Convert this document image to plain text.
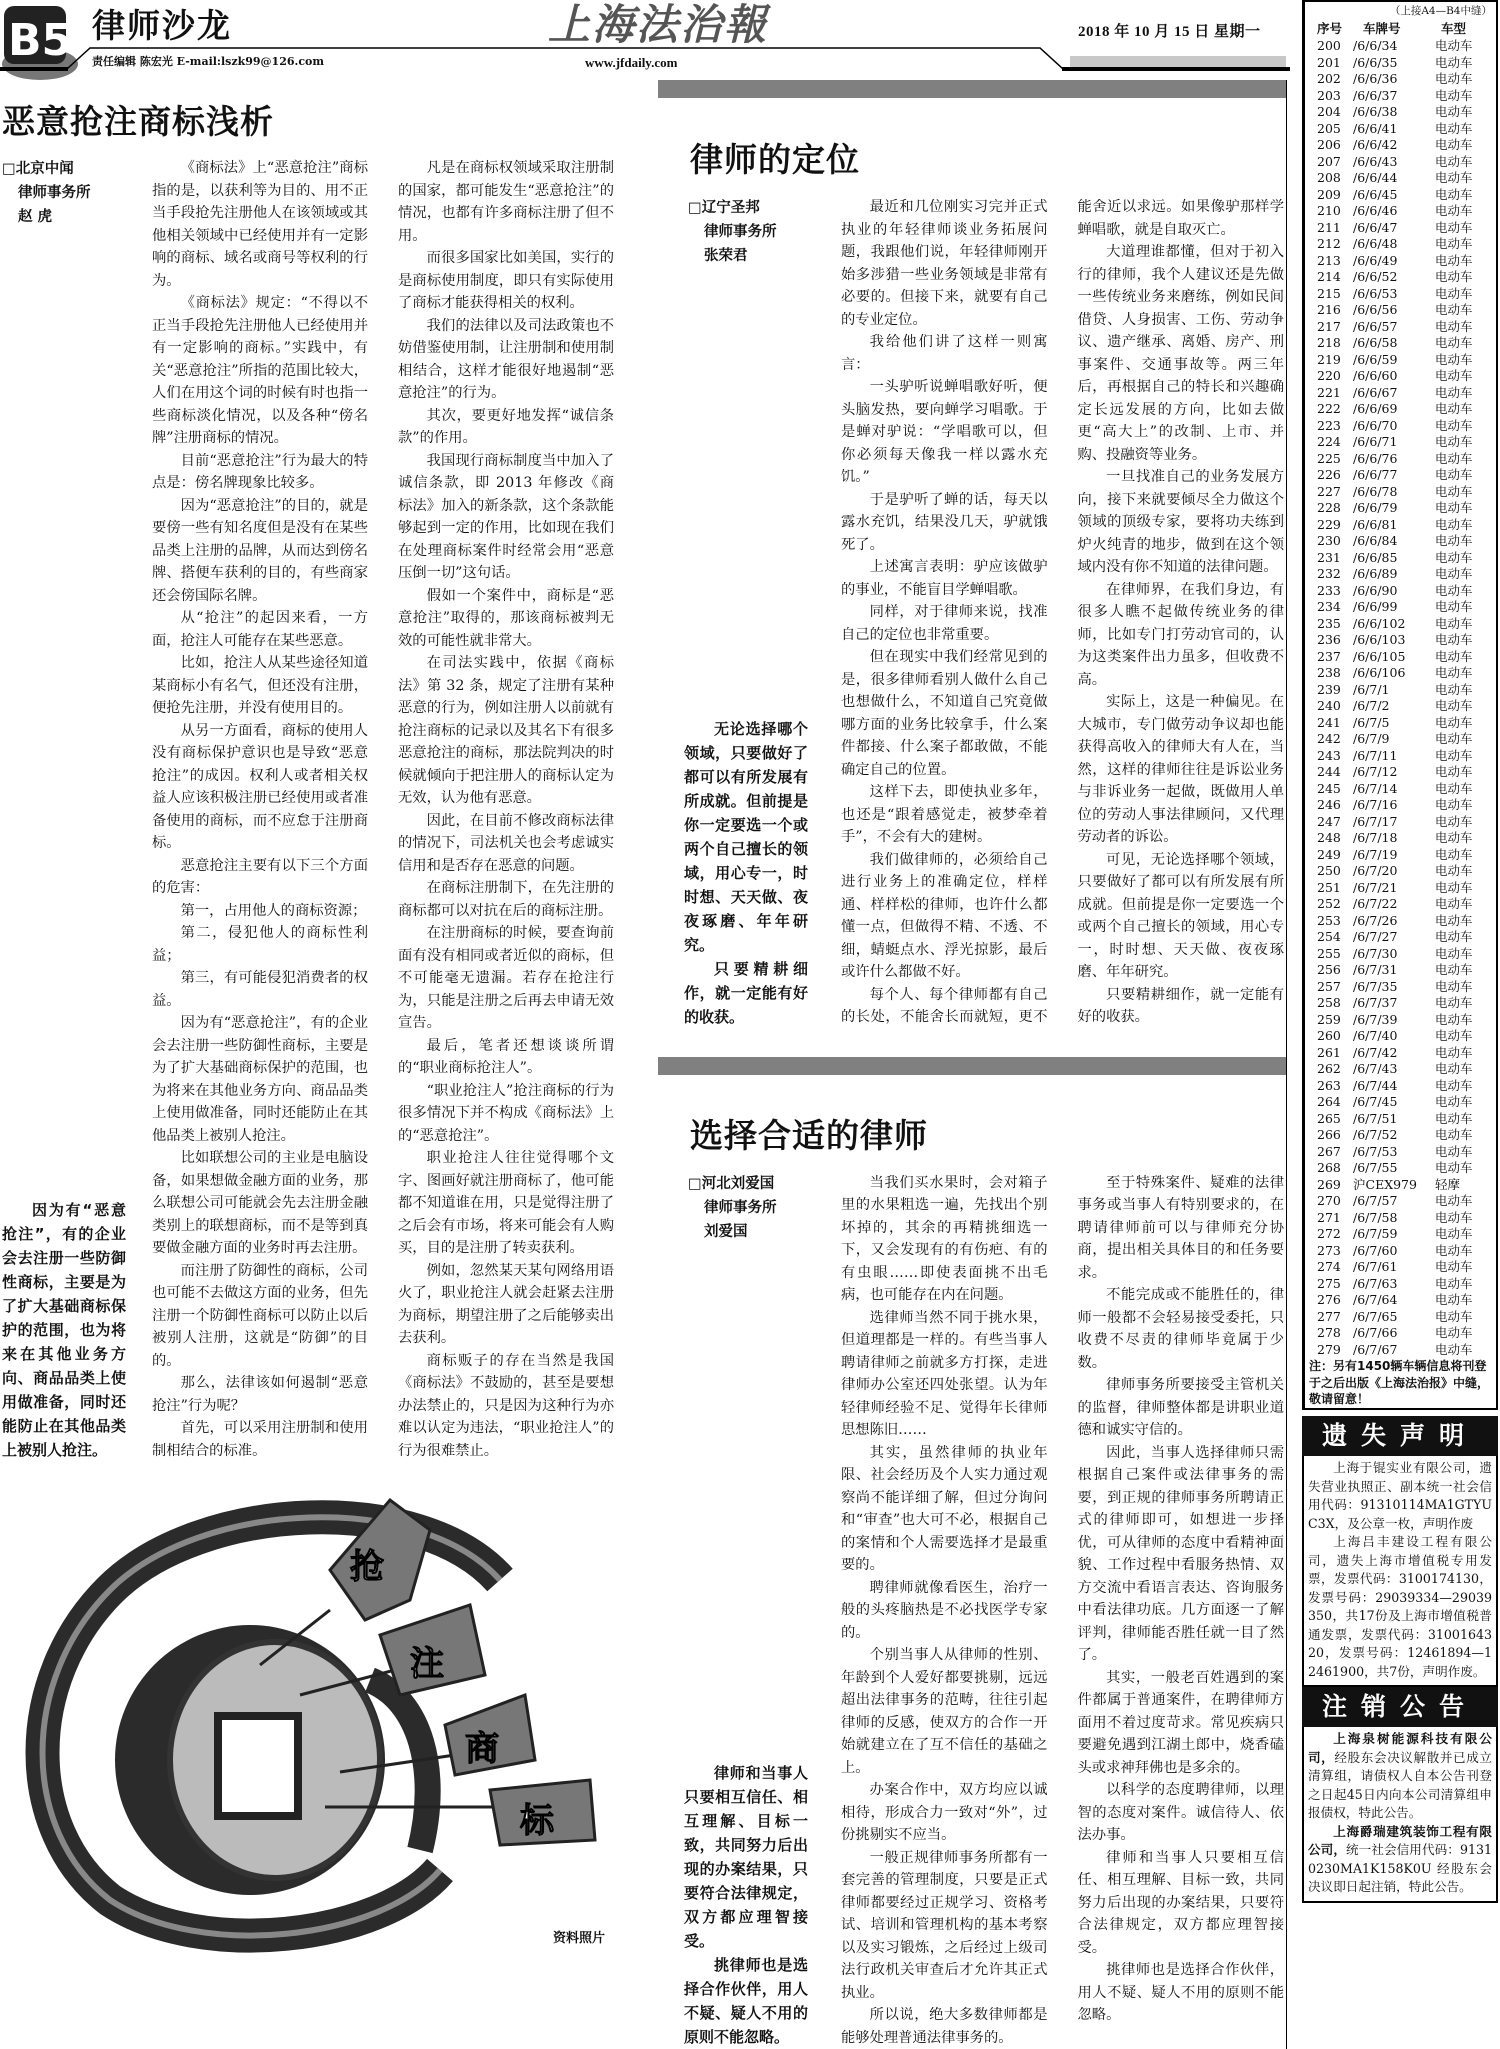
B5 律师沙龙
责任编辑 陈宏光 E-mail:lszk99@126.com
上海法治報
www.jfdaily.com
2018 年 10 月 15 日 星期一
恶意抢注商标浅析
□北京中闻
律师事务所
赵 虎

因为有“恶意抢注”，有的企业会去注册一些防御性商标，主要是为了扩大基础商标保护的范围，也为将来在其他业务方向、商品品类上使用做准备，同时还能防止在其他品类上被别人抢注。

《商标法》上“恶意抢注”商标指的是，以获利等为目的、用不正当手段抢先注册他人在该领域或其他相关领域中已经使用并有一定影响的商标、域名或商号等权利的行为。

《商标法》规定：“不得以不正当手段抢先注册他人已经使用并有一定影响的商标。”实践中，有关“恶意抢注”所指的范围比较大，人们在用这个词的时候有时也指一些商标淡化情况，以及各种“傍名牌”注册商标的情况。

目前“恶意抢注”行为最大的特点是：傍名牌现象比较多。

因为“恶意抢注”的目的，就是要傍一些有知名度但是没有在某些品类上注册的品牌，从而达到傍名牌、搭便车获利的目的，有些商家还会傍国际名牌。

从“抢注”的起因来看，一方面，抢注人可能存在某些恶意。

比如，抢注人从某些途径知道某商标小有名气，但还没有注册，便抢先注册，并没有使用目的。

从另一方面看，商标的使用人没有商标保护意识也是导致“恶意抢注”的成因。权利人或者相关权益人应该积极注册已经使用或者准备使用的商标，而不应怠于注册商标。

恶意抢注主要有以下三个方面的危害：

第一，占用他人的商标资源；

第二，侵犯他人的商标性利益；

第三，有可能侵犯消费者的权益。

因为有“恶意抢注”，有的企业会去注册一些防御性商标，主要是为了扩大基础商标保护的范围，也为将来在其他业务方向、商品品类上使用做准备，同时还能防止在其他品类上被别人抢注。

比如联想公司的主业是电脑设备，如果想做金融方面的业务，那么联想公司可能就会先去注册金融类别上的联想商标，而不是等到真要做金融方面的业务时再去注册。

而注册了防御性的商标，公司也可能不去做这方面的业务，但先注册一个防御性商标可以防止以后被别人注册，这就是“防御”的目的。

那么，法律该如何遏制“恶意抢注”行为呢？

首先，可以采用注册制和使用制相结合的标准。

凡是在商标权领域采取注册制的国家，都可能发生“恶意抢注”的情况，也都有许多商标注册了但不用。

而很多国家比如美国，实行的是商标使用制度，即只有实际使用了商标才能获得相关的权利。

我们的法律以及司法政策也不妨借鉴使用制，让注册制和使用制相结合，这样才能很好地遏制“恶意抢注”的行为。

其次，要更好地发挥“诚信条款”的作用。

我国现行商标制度当中加入了诚信条款，即 2013 年修改《商标法》加入的新条款，这个条款能够起到一定的作用，比如现在我们在处理商标案件时经常会用“恶意压倒一切”这句话。

假如一个案件中，商标是“恶意抢注”取得的，那该商标被判无效的可能性就非常大。

在司法实践中，依据《商标法》第 32 条，规定了注册有某种恶意的行为，例如注册人以前就有抢注商标的记录以及其名下有很多恶意抢注的商标，那法院判决的时候就倾向于把注册人的商标认定为无效，认为他有恶意。

因此，在目前不修改商标法律的情况下，司法机关也会考虑诚实信用和是否存在恶意的问题。

在商标注册制下，在先注册的商标都可以对抗在后的商标注册。

在注册商标的时候，要查询前面有没有相同或者近似的商标，但不可能毫无遗漏。若存在抢注行为，只能是注册之后再去申请无效宣告。

最后，笔者还想谈谈所谓的“职业商标抢注人”。

“职业抢注人”抢注商标的行为很多情况下并不构成《商标法》上的“恶意抢注”。

职业抢注人往往觉得哪个文字、图画好就注册商标了，他可能都不知道谁在用，只是觉得注册了之后会有市场，将来可能会有人购买，目的是注册了转卖获利。

例如，忽然某天某句网络用语火了，职业抢注人就会赶紧去注册为商标，期望注册了之后能够卖出去获利。

商标贩子的存在当然是我国《商标法》不鼓励的，甚至是要想办法禁止的，只是因为这种行为亦难以认定为违法，“职业抢注人”的行为很难禁止。

抢
注
商
标
资料照片
律师的定位
□辽宁圣邦
律师事务所
张荣君

无论选择哪个领域，只要做好了都可以有所发展有所成就。但前提是你一定要选一个或两个自己擅长的领域，用心专一，时时想、天天做、夜夜琢磨、年年研究。

只要精耕细作，就一定能有好的收获。

最近和几位刚实习完并正式执业的年轻律师谈业务拓展问题，我跟他们说，年轻律师刚开始多涉猎一些业务领域是非常有必要的。但接下来，就要有自己的专业定位。

我给他们讲了这样一则寓言：

一头驴听说蝉唱歌好听，便头脑发热，要向蝉学习唱歌。于是蝉对驴说：“学唱歌可以，但你必须每天像我一样以露水充饥。”

于是驴听了蝉的话，每天以露水充饥，结果没几天，驴就饿死了。

上述寓言表明：驴应该做驴的事业，不能盲目学蝉唱歌。

同样，对于律师来说，找准自己的定位也非常重要。

但在现实中我们经常见到的是，很多律师看别人做什么自己也想做什么，不知道自己究竟做哪方面的业务比较拿手，什么案件都接、什么案子都敢做，不能确定自己的位置。

这样下去，即使执业多年，也还是“跟着感觉走，被梦牵着手”，不会有大的建树。

我们做律师的，必须给自己进行业务上的准确定位，样样通、样样松的律师，也许什么都懂一点，但做得不精、不透、不细，蜻蜓点水、浮光掠影，最后或许什么都做不好。

每个人、每个律师都有自己的长处，不能舍长而就短，更不能舍近以求远。如果像驴那样学蝉唱歌，就是自取灭亡。

大道理谁都懂，但对于初入行的律师，我个人建议还是先做一些传统业务来磨练，例如民间借贷、人身损害、工伤、劳动争议、遗产继承、离婚、房产、刑事案件、交通事故等。两三年后，再根据自己的特长和兴趣确定长远发展的方向，比如去做更“高大上”的改制、上市、并购、投融资等业务。

一旦找准自己的业务发展方向，接下来就要倾尽全力做这个领域的顶级专家，要将功夫练到炉火纯青的地步，做到在这个领域内没有你不知道的法律问题。

在律师界，在我们身边，有很多人瞧不起做传统业务的律师，比如专门打劳动官司的，认为这类案件出力虽多，但收费不高。

实际上，这是一种偏见。在大城市，专门做劳动争议却也能获得高收入的律师大有人在，当然，这样的律师往往是诉讼业务与非诉业务一起做，既做用人单位的劳动人事法律顾问，又代理劳动者的诉讼。

可见，无论选择哪个领域，只要做好了都可以有所发展有所成就。但前提是你一定要选一个或两个自己擅长的领域，用心专一，时时想、天天做、夜夜琢磨、年年研究。

只要精耕细作，就一定能有好的收获。

选择合适的律师
□河北刘爱国
律师事务所
刘爱国

律师和当事人只要相互信任、相互理解、目标一致，共同努力后出现的办案结果，只要符合法律规定，双方都应理智接受。

挑律师也是选择合作伙伴，用人不疑、疑人不用的原则不能忽略。

当我们买水果时，会对箱子里的水果粗选一遍，先找出个别坏掉的，其余的再精挑细选一下，又会发现有的有伤疤、有的有虫眼……即使表面挑不出毛病，也可能存在内在问题。

选律师当然不同于挑水果，但道理都是一样的。有些当事人聘请律师之前就多方打探，走进律师办公室还四处张望。认为年轻律师经验不足、觉得年长律师思想陈旧……

其实，虽然律师的执业年限、社会经历及个人实力通过观察尚不能详细了解，但过分询问和“审查”也大可不必，根据自己的案情和个人需要选择才是最重要的。

聘律师就像看医生，治疗一般的头疼脑热是不必找医学专家的。

个别当事人从律师的性别、年龄到个人爱好都要挑剔，远远超出法律事务的范畴，往往引起律师的反感，使双方的合作一开始就建立在了互不信任的基础之上。

办案合作中，双方均应以诚相待，形成合力一致对“外”，过份挑剔实不应当。

一般正规律师事务所都有一套完善的管理制度，只要是正式律师都要经过正规学习、资格考试、培训和管理机构的基本考察以及实习锻炼，之后经过上级司法行政机关审查后才允许其正式执业。

所以说，绝大多数律师都是能够处理普通法律事务的。

至于特殊案件、疑难的法律事务或当事人有特别要求的，在聘请律师前可以与律师充分协商，提出相关具体目的和任务要求。

不能完成或不能胜任的，律师一般都不会轻易接受委托，只收费不尽责的律师毕竟属于少数。

律师事务所要接受主管机关的监督，律师整体都是讲职业道德和诚实守信的。

因此，当事人选择律师只需根据自己案件或法律事务的需要，到正规的律师事务所聘请正式的律师即可，如想进一步择优，可从律师的态度中看精神面貌、工作过程中看服务热情、双方交流中看语言表达、咨询服务中看法律功底。几方面逐一了解评判，律师能否胜任就一目了然了。

其实，一般老百姓遇到的案件都属于普通案件，在聘律师方面用不着过度苛求。常见疾病只要避免遇到江湖土郎中，烧香磕头或求神拜佛也是多余的。

以科学的态度聘律师，以理智的态度对案件。诚信待人、依法办事。

律师和当事人只要相互信任、相互理解、目标一致，共同努力后出现的办案结果，只要符合法律规定，双方都应理智接受。

挑律师也是选择合作伙伴，用人不疑、疑人不用的原则不能忽略。

（上接A4—B4中缝）
序号 车牌号	车型
200 /6/6/34	电动车
201 /6/6/35	电动车
202 /6/6/36	电动车
203 /6/6/37	电动车
204 /6/6/38	电动车
205 /6/6/41	电动车
206 /6/6/42	电动车
207 /6/6/43	电动车
208 /6/6/44	电动车
209 /6/6/45	电动车
210 /6/6/46	电动车
211 /6/6/47	电动车
212 /6/6/48	电动车
213 /6/6/49	电动车
214 /6/6/52	电动车
215 /6/6/53	电动车
216 /6/6/56	电动车
217 /6/6/57	电动车
218 /6/6/58	电动车
219 /6/6/59	电动车
220 /6/6/60	电动车
221 /6/6/67	电动车
222 /6/6/69	电动车
223 /6/6/70	电动车
224 /6/6/71	电动车
225 /6/6/76	电动车
226 /6/6/77	电动车
227 /6/6/78	电动车
228 /6/6/79	电动车
229 /6/6/81	电动车
230 /6/6/84	电动车
231 /6/6/85	电动车
232 /6/6/89	电动车
233 /6/6/90	电动车
234 /6/6/99	电动车
235 /6/6/102 电动车
236 /6/6/103 电动车
237 /6/6/105 电动车
238 /6/6/106 电动车
239 /6/7/1	电动车
240 /6/7/2	电动车
241 /6/7/5	电动车
242 /6/7/9	电动车
243 /6/7/11	电动车
244 /6/7/12	电动车
245 /6/7/14	电动车
246 /6/7/16	电动车
247 /6/7/17	电动车
248 /6/7/18	电动车
249 /6/7/19	电动车
250 /6/7/20	电动车
251 /6/7/21	电动车
252 /6/7/22	电动车
253 /6/7/26	电动车
254 /6/7/27	电动车
255 /6/7/30	电动车
256 /6/7/31	电动车
257 /6/7/35	电动车
258 /6/7/37	电动车
259 /6/7/39	电动车
260 /6/7/40	电动车
261 /6/7/42	电动车
262 /6/7/43	电动车
263 /6/7/44	电动车
264 /6/7/45	电动车
265 /6/7/51	电动车
266 /6/7/52	电动车
267 /6/7/53	电动车
268 /6/7/55	电动车
269 沪CEX979 轻摩
270 /6/7/57	电动车
271 /6/7/58	电动车
272 /6/7/59	电动车
273 /6/7/60	电动车
274 /6/7/61	电动车
275 /6/7/63	电动车
276 /6/7/64	电动车
277 /6/7/65	电动车
278 /6/7/66	电动车
279 /6/7/67	电动车
注：另有1450辆车辆信息将刊登于之后出版《上海法治报》中缝，敬请留意！
遗失声明

上海于锟实业有限公司，遗失营业执照正、副本统一社会信用代码：91310114MA1GTYUC3X，及公章一枚，声明作废

上海吕丰建设工程有限公司，遗失上海市增值税专用发票，发票代码：3100174130，发票号码：29039334—29039350，共17份及上海市增值税普通发票，发票代码：3100164320，发票号码：12461894—12461900，共7份，声明作废。

注销公告

上海泉树能源科技有限公司，经股东会决议解散并已成立清算组，请债权人自本公告刊登之日起45日内向本公司清算组申报债权，特此公告。

上海爵瑞建筑装饰工程有限公司，统一社会信用代码：91310230MA1K158K0U 经股东会决议即日起注销，特此公告。
